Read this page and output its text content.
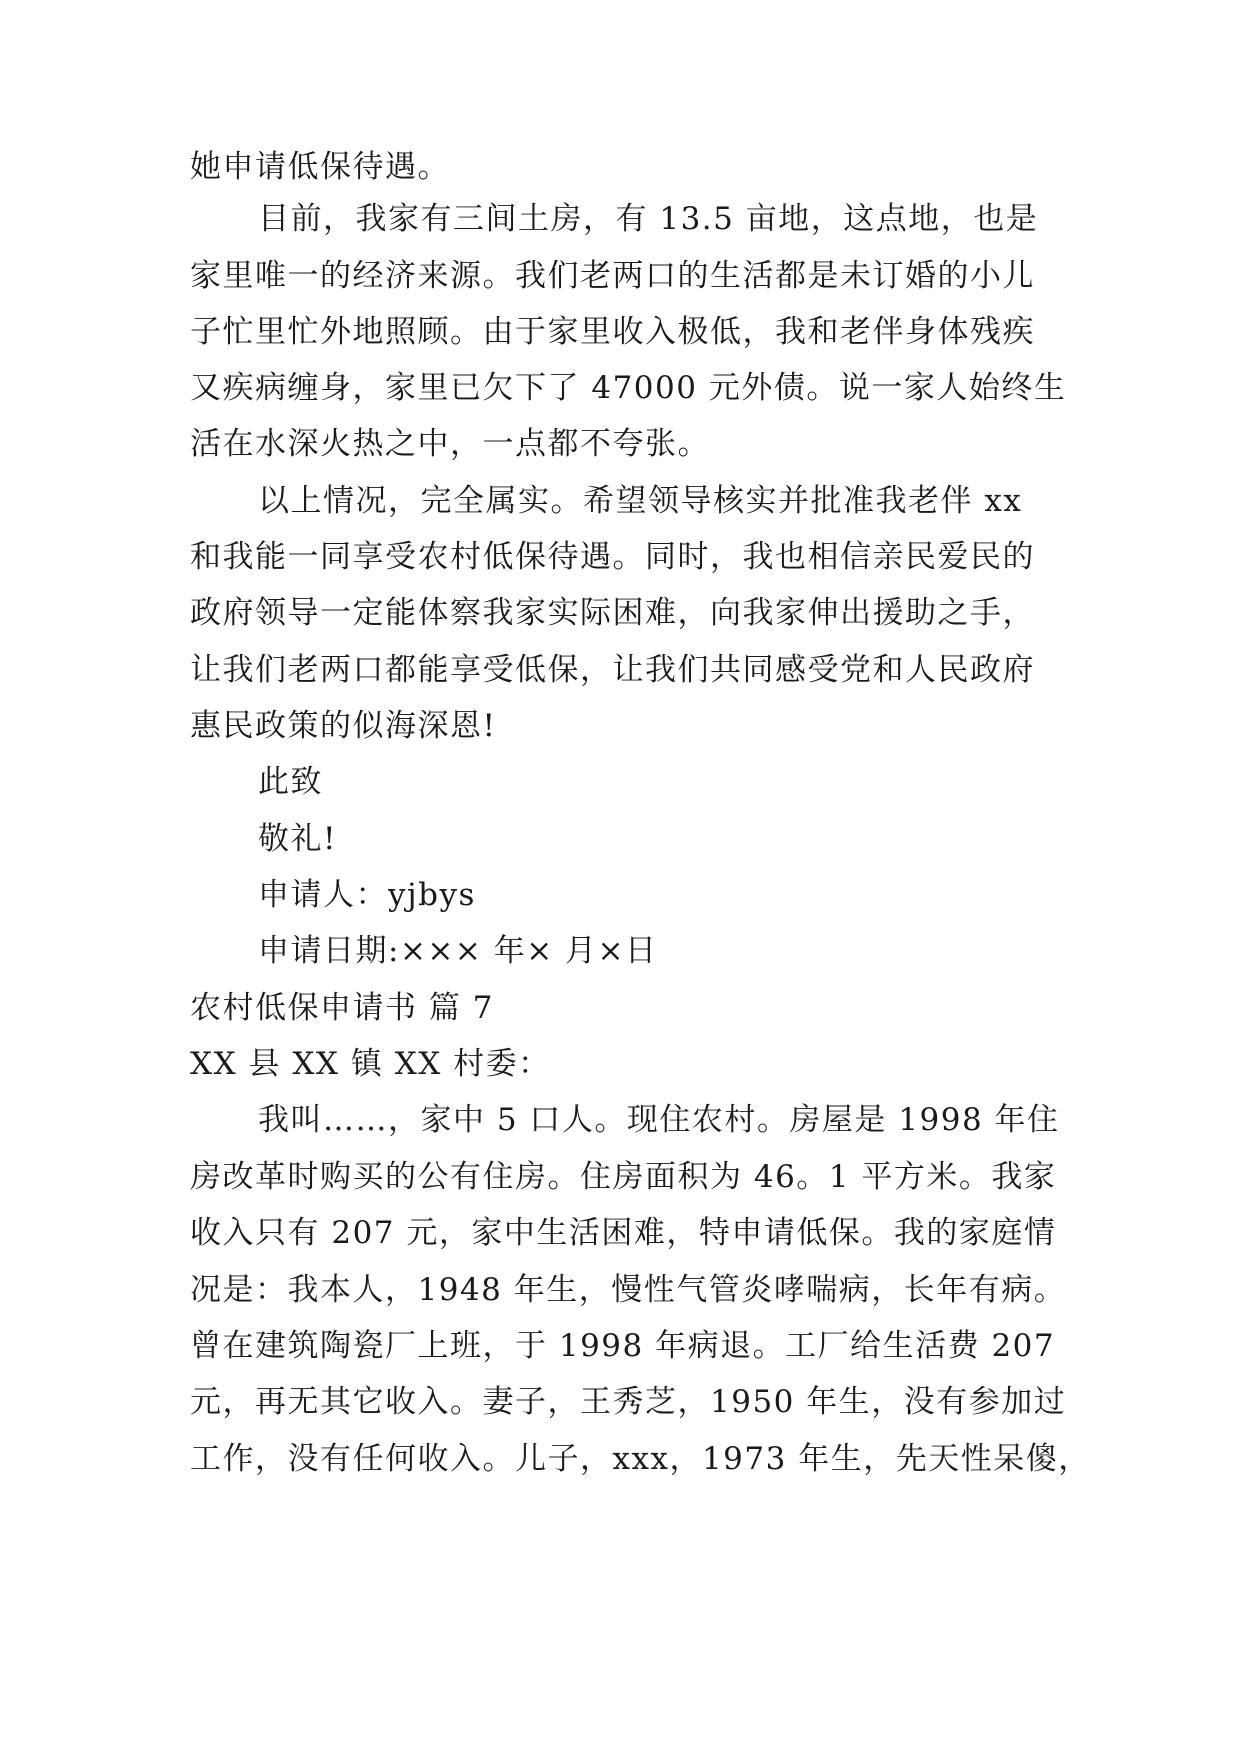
她申请低保待遇。
目前，我家有三间土房，有 13.5 亩地，这点地，也是
家里唯一的经济来源。我们老两口的生活都是未订婚的小儿
子忙里忙外地照顾。由于家里收入极低，我和老伴身体残疾
又疾病缠身，家里已欠下了 47000 元外债。说一家人始终生
活在水深火热之中，一点都不夸张。
以上情况，完全属实。希望领导核实并批准我老伴 xx
和我能一同享受农村低保待遇。同时，我也相信亲民爱民的
政府领导一定能体察我家实际困难，向我家伸出援助之手，
让我们老两口都能享受低保，让我们共同感受党和人民政府
惠民政策的似海深恩!
此致
敬礼!
申请人：yjbys
申请日期:××× 年× 月×日
农村低保申请书 篇 7
XX 县 XX 镇 XX 村委：
我叫……，家中 5 口人。现住农村。房屋是 1998 年住
房改革时购买的公有住房。住房面积为 46。1 平方米。我家
收入只有 207 元，家中生活困难，特申请低保。我的家庭情
况是：我本人，1948 年生，慢性气管炎哮喘病，长年有病。
曾在建筑陶瓷厂上班，于 1998 年病退。工厂给生活费 207
元，再无其它收入。妻子，王秀芝，1950 年生，没有参加过
工作，没有任何收入。儿子，xxx，1973 年生，先天性呆傻，
